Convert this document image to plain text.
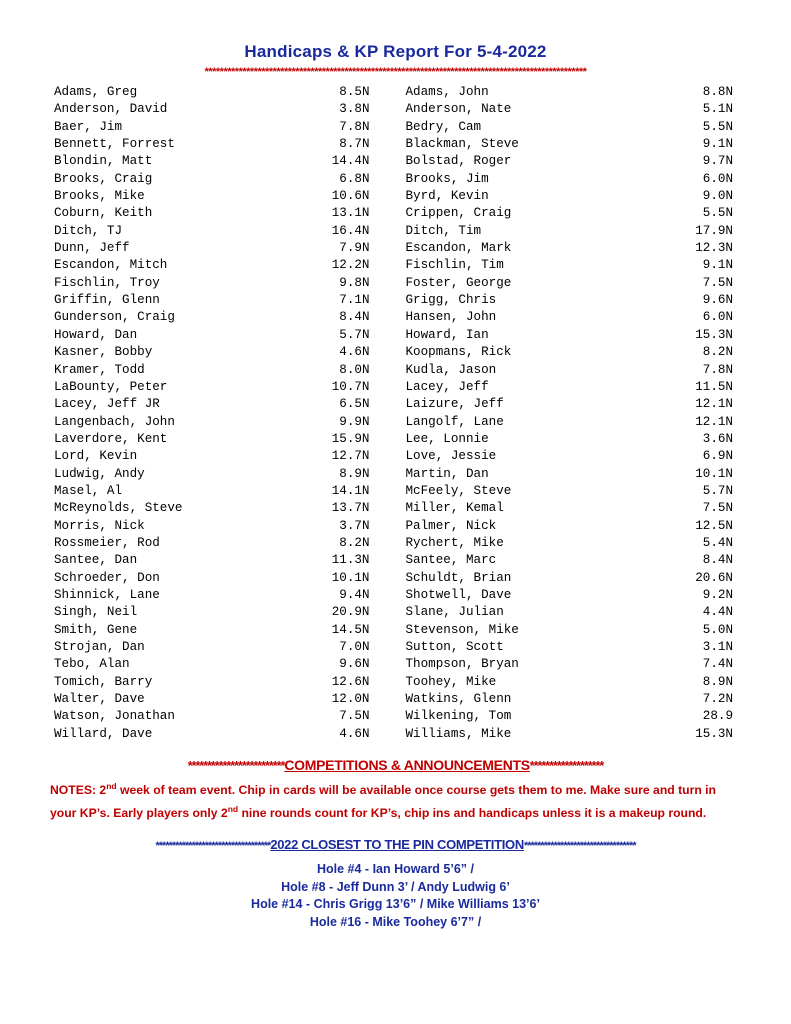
Handicaps & KP Report For 5-4-2022
*****************************************************************************************************
Adams, Greg	8.5N
Anderson, David	3.8N
Baer, Jim	7.8N
Bennett, Forrest	8.7N
Blondin, Matt	14.4N
Brooks, Craig	6.8N
Brooks, Mike	10.6N
Coburn, Keith	13.1N
Ditch, TJ	16.4N
Dunn, Jeff	7.9N
Escandon, Mitch	12.2N
Fischlin, Troy	9.8N
Griffin, Glenn	7.1N
Gunderson, Craig	8.4N
Howard, Dan	5.7N
Kasner, Bobby	4.6N
Kramer, Todd	8.0N
LaBounty, Peter	10.7N
Lacey, Jeff JR	6.5N
Langenbach, John	9.9N
Laverdore, Kent	15.9N
Lord, Kevin	12.7N
Ludwig, Andy	8.9N
Masel, Al	14.1N
McReynolds, Steve	13.7N
Morris, Nick	3.7N
Rossmeier, Rod	8.2N
Santee, Dan	11.3N
Schroeder, Don	10.1N
Shinnick, Lane	9.4N
Singh, Neil	20.9N
Smith, Gene	14.5N
Strojan, Dan	7.0N
Tebo, Alan	9.6N
Tomich, Barry	12.6N
Walter, Dave	12.0N
Watson, Jonathan	7.5N
Willard, Dave	4.6N
Adams, John	8.8N
Anderson, Nate	5.1N
Bedry, Cam	5.5N
Blackman, Steve	9.1N
Bolstad, Roger	9.7N
Brooks, Jim	6.0N
Byrd, Kevin	9.0N
Crippen, Craig	5.5N
Ditch, Tim	17.9N
Escandon, Mark	12.3N
Fischlin, Tim	9.1N
Foster, George	7.5N
Grigg, Chris	9.6N
Hansen, John	6.0N
Howard, Ian	15.3N
Koopmans, Rick	8.2N
Kudla, Jason	7.8N
Lacey, Jeff	11.5N
Laizure, Jeff	12.1N
Langolf, Lane	12.1N
Lee, Lonnie	3.6N
Love, Jessie	6.9N
Martin, Dan	10.1N
McFeely, Steve	5.7N
Miller, Kemal	7.5N
Palmer, Nick	12.5N
Rychert, Mike	5.4N
Santee, Marc	8.4N
Schuldt, Brian	20.6N
Shotwell, Dave	9.2N
Slane, Julian	4.4N
Stevenson, Mike	5.0N
Sutton, Scott	3.1N
Thompson, Bryan	7.4N
Toohey, Mike	8.9N
Watkins, Glenn	7.2N
Wilkening, Tom	28.9
Williams, Mike	15.3N
*************************COMPETITIONS & ANNOUNCEMENTS*******************
NOTES: 2nd week of team event. Chip in cards will be available once course gets them to me. Make sure and turn in
your KP’s. Early players only 2nd nine rounds count for KP’s, chip ins and handicaps unless it is a makeup round.
***********************************2022 CLOSEST TO THE PIN COMPETITION**********************************
Hole #4 - Ian Howard 5’6” /
Hole #8 - Jeff Dunn 3’ / Andy Ludwig 6’
Hole #14 - Chris Grigg 13’6” / Mike Williams 13’6’
Hole #16 - Mike Toohey 6’7” /
